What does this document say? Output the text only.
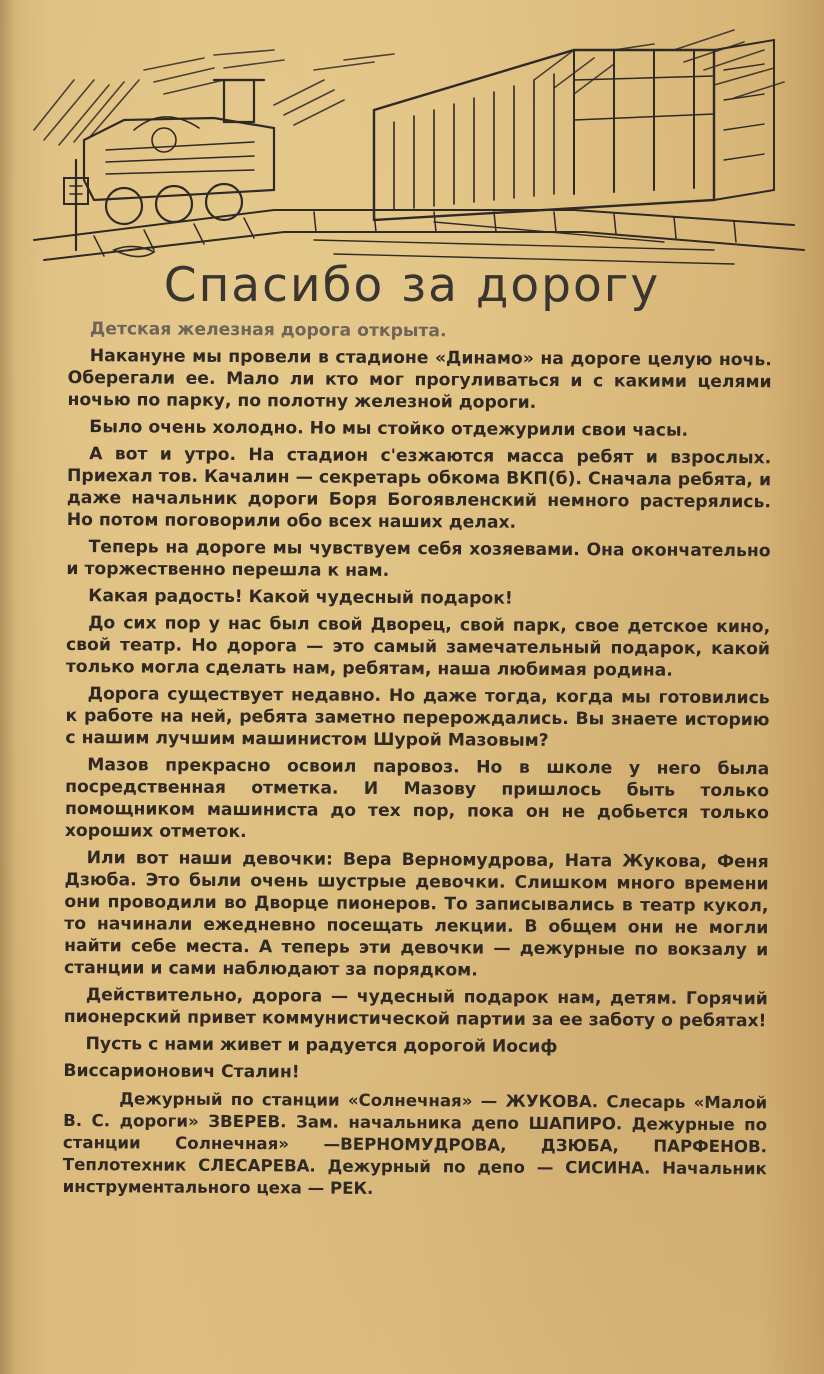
Спасибо за дорогу

Детская железная дорога открыта.

Накануне мы провели в стадионе «Динамо» на дороге целую ночь. Оберегали ее. Мало ли кто мог прогуливаться и с какими целями ночью по парку, по полотну железной дороги.

Было очень холодно. Но мы стойко отдежурили свои часы.

А вот и утро. На стадион с'езжаются масса ребят и взрослых. Приехал тов. Качалин — секретарь обкома ВКП(б). Сначала ребята, и даже начальник дороги Боря Богоявленский немного растерялись. Но потом поговорили обо всех наших делах.

Теперь на дороге мы чувствуем себя хозяевами. Она окончательно и торжественно перешла к нам.

Какая радость! Какой чудесный подарок!

До сих пор у нас был свой Дворец, свой парк, свое детское кино, свой театр. Но дорога — это самый замечательный подарок, какой только могла сделать нам, ребятам, наша любимая родина.

Дорога существует недавно. Но даже тогда, когда мы готовились к работе на ней, ребята заметно перерождались. Вы знаете историю с нашим лучшим машинистом Шурой Мазовым?

Мазов прекрасно освоил паровоз. Но в школе у него была посредственная отметка. И Мазову пришлось быть только помощником машиниста до тех пор, пока он не добьется только хороших отметок.

Или вот наши девочки: Вера Верномудрова, Ната Жукова, Феня Дзюба. Это были очень шустрые девочки. Слишком много времени они проводили во Дворце пионеров. То записывались в театр кукол, то начинали ежедневно посещать лекции. В общем они не могли найти себе места. А теперь эти девочки — дежурные по вокзалу и станции и сами наблюдают за порядком.

Действительно, дорога — чудесный подарок нам, детям. Горячий пионерский привет коммунистической партии за ее заботу о ребятах!

Пусть с нами живет и радуется дорогой Иосиф

Виссарионович Сталин!

Дежурный по станции «Солнечная» — ЖУКОВА. Слесарь «Малой В. С. дороги» ЗВЕРЕВ. Зам. начальника депо ШАПИРО. Дежурные по станции Солнечная» —ВЕРНОМУДРОВА, ДЗЮБА, ПАРФЕНОВ. Теплотехник СЛЕСАРЕВА. Дежурный по депо — СИСИНА. Начальник инструментального цеха — РЕК.
